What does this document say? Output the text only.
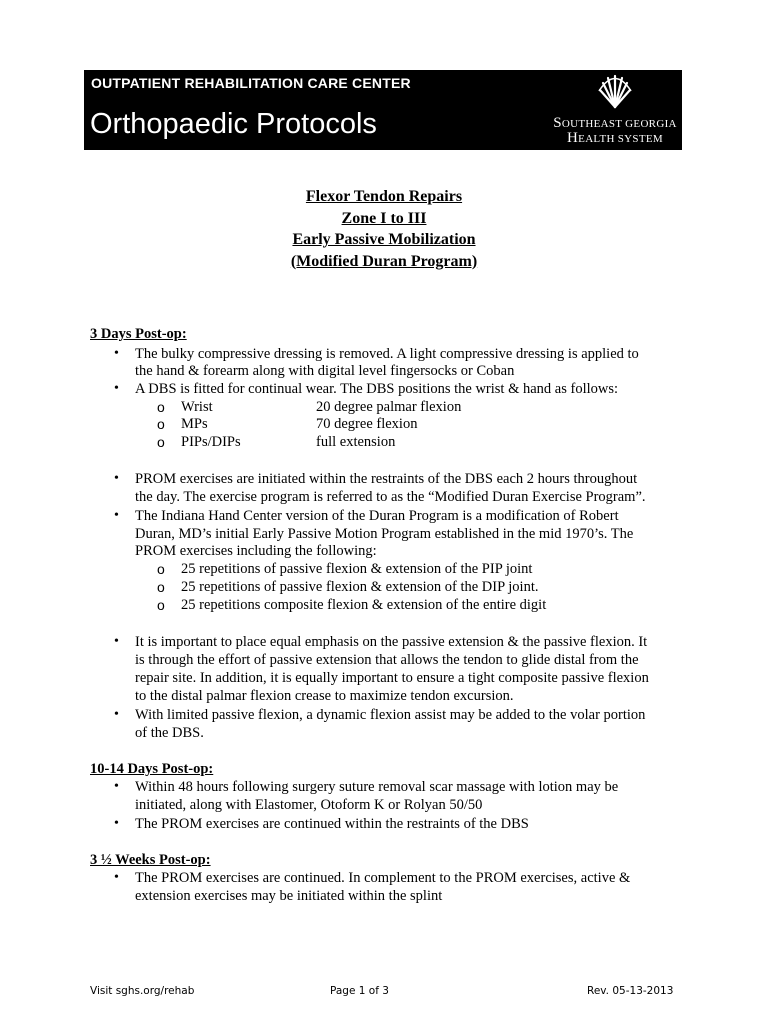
OUTPATIENT REHABILITATION CARE CENTER
Orthopaedic Protocols	SOUTHEAST GEORGIA
HEALTH SYSTEM
Flexor Tendon Repairs
Zone I to III
Early Passive Mobilization
(Modified Duran Program)
3 Days Post-op:
• The bulky compressive dressing is removed. A light compressive dressing is applied to
the hand & forearm along with digital level fingersocks or Coban
• A DBS is fitted for continual wear. The DBS positions the wrist & hand as follows:
o Wrist	20 degree palmar flexion
o MPs	70 degree flexion
o PIPs/DIPs	full extension
• PROM exercises are initiated within the restraints of the DBS each 2 hours throughout
the day. The exercise program is referred to as the “Modified Duran Exercise Program”.
• The Indiana Hand Center version of the Duran Program is a modification of Robert
Duran, MD’s initial Early Passive Motion Program established in the mid 1970’s. The
PROM exercises including the following:
o 25 repetitions of passive flexion & extension of the PIP joint
o 25 repetitions of passive flexion & extension of the DIP joint.
o 25 repetitions composite flexion & extension of the entire digit
• It is important to place equal emphasis on the passive extension & the passive flexion. It
is through the effort of passive extension that allows the tendon to glide distal from the
repair site. In addition, it is equally important to ensure a tight composite passive flexion
to the distal palmar flexion crease to maximize tendon excursion.
• With limited passive flexion, a dynamic flexion assist may be added to the volar portion
of the DBS.
10-14 Days Post-op:
• Within 48 hours following surgery suture removal scar massage with lotion may be
initiated, along with Elastomer, Otoform K or Rolyan 50/50
• The PROM exercises are continued within the restraints of the DBS
3 ½ Weeks Post-op:
• The PROM exercises are continued. In complement to the PROM exercises, active &
extension exercises may be initiated within the splint
Visit sghs.org/rehab	Page 1 of 3	Rev. 05-13-2013
